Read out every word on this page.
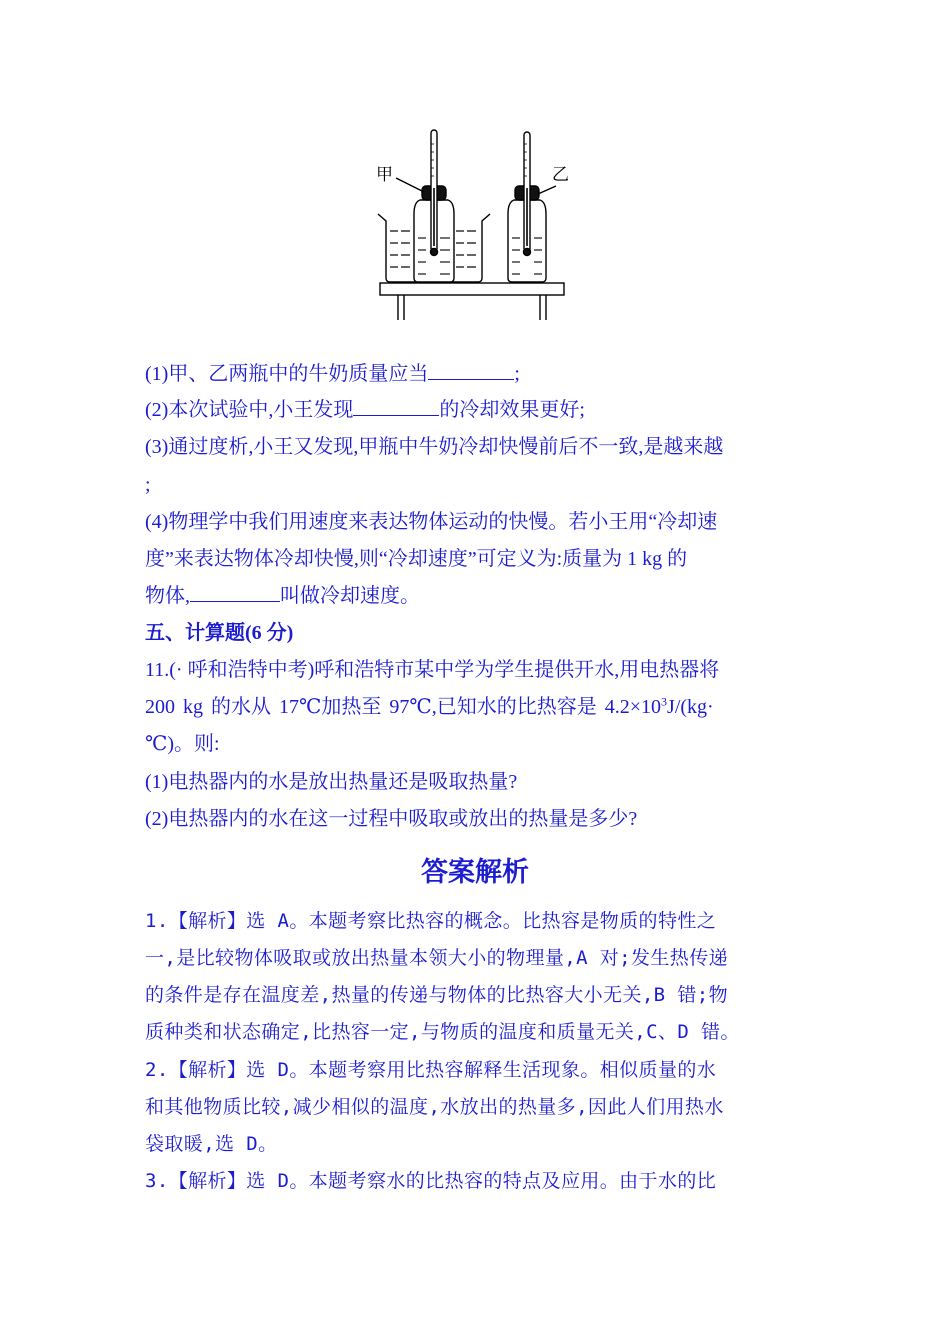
甲	乙
(1)甲、乙两瓶中的牛奶质量应当	;
(2)本次试验中,小王发现	的冷却效果更好;
(3)通过度析,小王又发现,甲瓶中牛奶冷却快慢前后不一致,是越来越
;
(4)物理学中我们用速度来表达物体运动的快慢。若小王用“冷却速
度”来表达物体冷却快慢,则“冷却速度”可定义为:质量为 1 kg 的
物体,	叫做冷却速度。
五、计算题(6 分)
11.(· 呼和浩特中考)呼和浩特市某中学为学生提供开水,用电热器将
200 kg 的水从 17℃加热至 97℃,已知水的比热容是 $4.2\times 10^3J/(kg\cdot$
℃)。则:
(1)电热器内的水是放出热量还是吸取热量?
(2)电热器内的水在这一过程中吸取或放出的热量是多少?
答案解析
1.【解析】选 A。本题考察比热容的概念。比热容是物质的特性之
一,是比较物体吸取或放出热量本领大小的物理量,A 对;发生热传递
的条件是存在温度差,热量的传递与物体的比热容大小无关,B 错;物
质种类和状态确定,比热容一定,与物质的温度和质量无关,C、D 错。
2.【解析】选 D。本题考察用比热容解释生活现象。相似质量的水
和其他物质比较,减少相似的温度,水放出的热量多,因此人们用热水
袋取暖,选 D。
3.【解析】选 D。本题考察水的比热容的特点及应用。由于水的比
